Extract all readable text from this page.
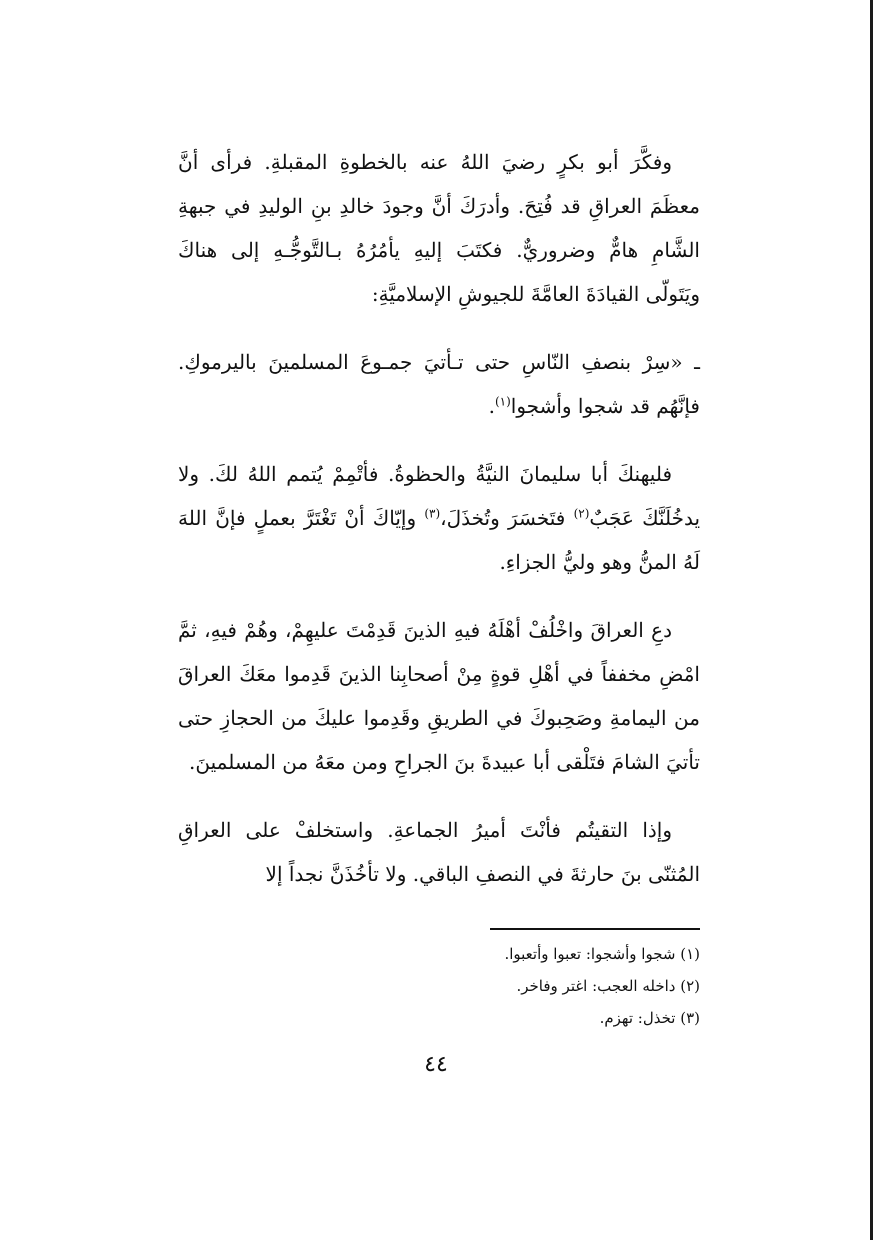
وفكَّرَ أبو بكرٍ رضيَ اللهُ عنه بالخطوةِ المقبلةِ. فرأى أنَّ معظَمَ العراقِ قد فُتِحَ. وأدرَكَ أنَّ وجودَ خالدِ بنِ الوليدِ في جبهةِ الشَّامِ هامٌّ وضروريٌّ. فكتَبَ إليهِ يأمُرُهُ بـالتَّوجُّـهِ إلى هناكَ ويَتَولّى القيادَةَ العامَّةَ للجيوشِ الإسلاميَّةِ:

ـ «سِرْ بنصفِ النّاسِ حتى تـأتيَ جمـوعَ المسلمينَ باليرموكِ. فإنَّهُم قد شجوا وأشجوا$^{(١)}$.

فليهنكَ أبا سليمانَ النيَّةُ والحظوةُ. فأتْمِمْ يُتمم اللهُ لكَ. ولا يدخُلَنَّكَ عَجَبٌ$^{(٢)}$ فتَخسَرَ وتُخذَلَ،$^{(٣)}$ وإيّاكَ أنْ تَغْتَرَّ بعملٍ فإنَّ اللهَ لَهُ المنُّ وهو وليُّ الجزاءِ.

دعِ العراقَ واخْلُفْ أهْلَهُ فيهِ الذينَ قَدِمْتَ عليهِمْ، وهُمْ فيهِ، ثمَّ امْضِ مخففاً في أهْلِ قوةٍ مِنْ أصحابِنا الذينَ قَدِموا معَكَ العراقَ من اليمامةِ وصَحِبوكَ في الطريقِ وقَدِموا عليكَ من الحجازِ حتى تأتيَ الشامَ فتَلْقى أبا عبيدةَ بنَ الجراحِ ومن معَهُ من المسلمينَ.

وإذا التقيتُم فأنْتَ أميرُ الجماعةِ. واستخلفْ على العراقِ المُثنّى بنَ حارثةَ في النصفِ الباقي. ولا تأخُذَنَّ نجداً إلا

(١) شجوا وأشجوا: تعبوا وأتعبوا.

(٢) داخله العجب: اغتر وفاخر.

(٣) تخذل: تهزم.

٤٤
